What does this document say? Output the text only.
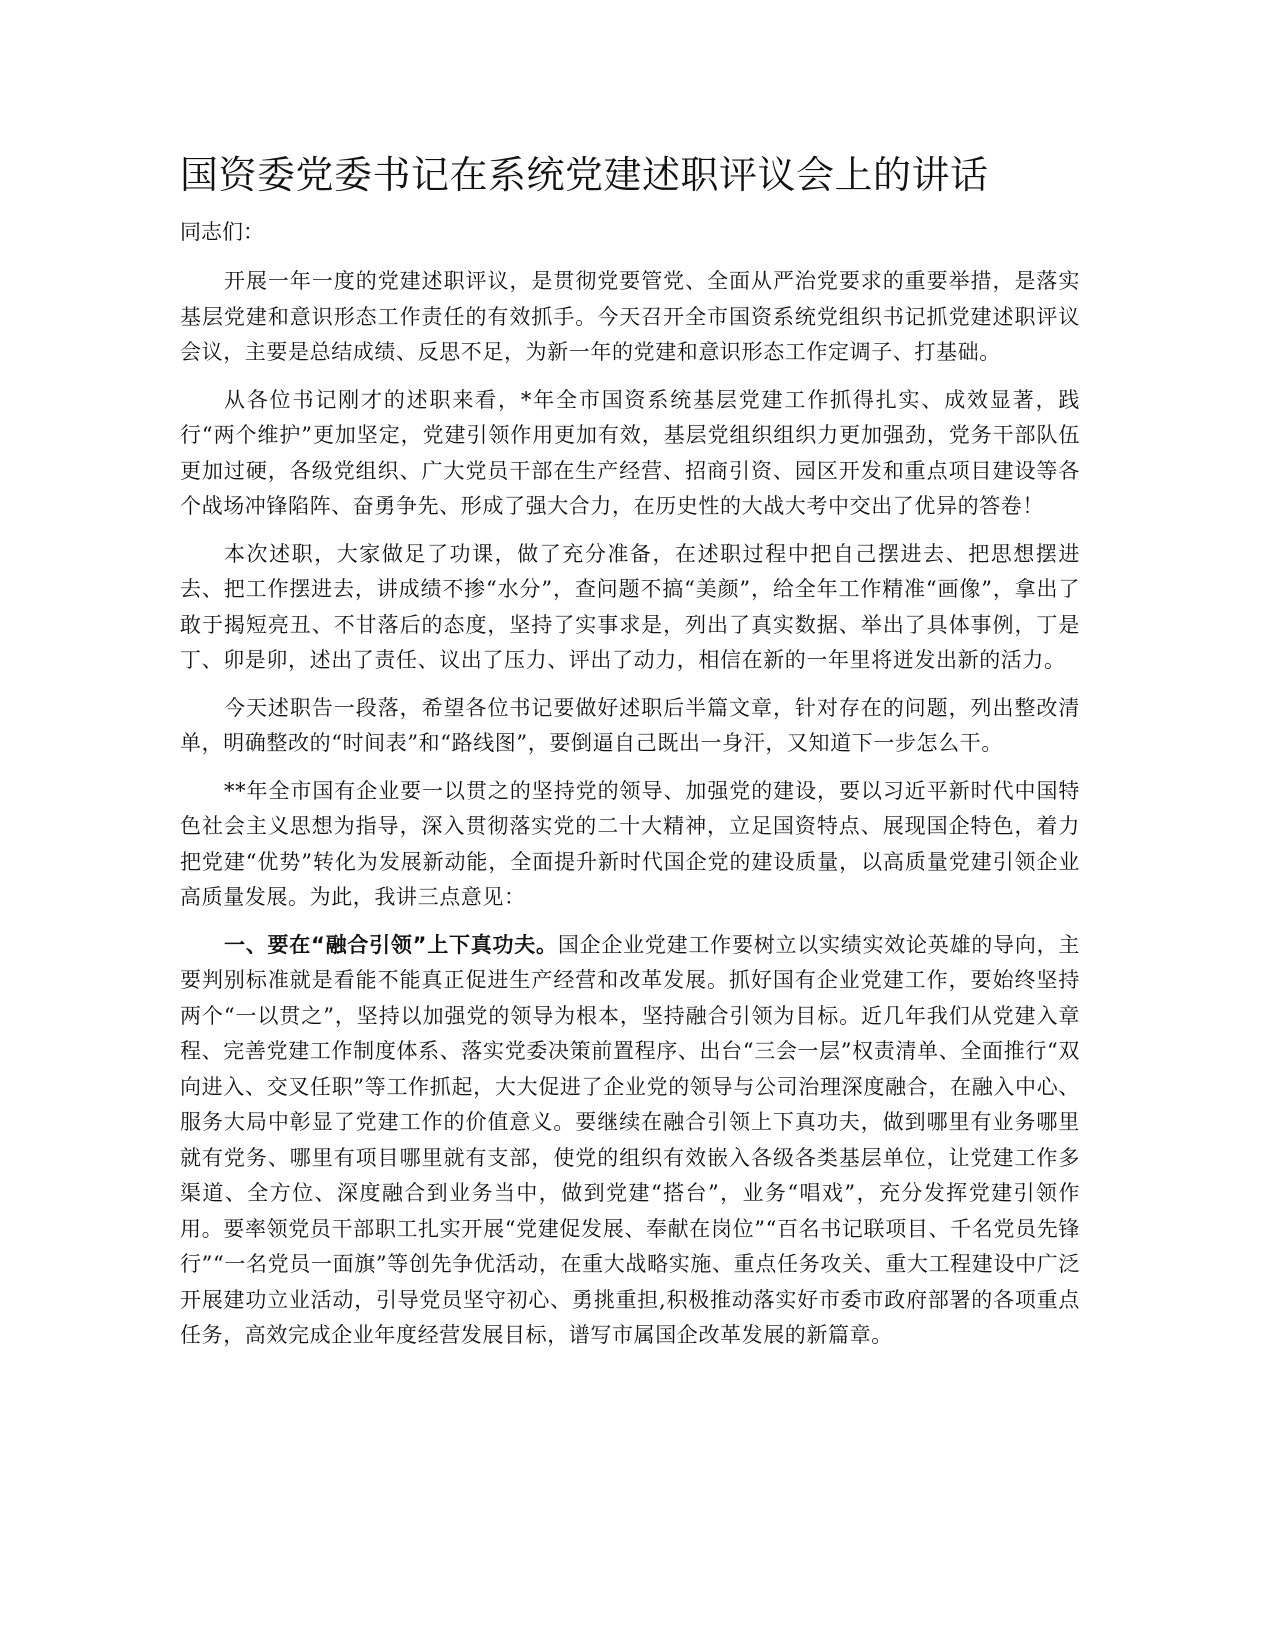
国资委党委书记在系统党建述职评议会上的讲话

同志们：

开展一年一度的党建述职评议，是贯彻党要管党、全面从严治党要求的重要举措，是落实基层党建和意识形态工作责任的有效抓手。今天召开全市国资系统党组织书记抓党建述职评议会议，主要是总结成绩、反思不足，为新一年的党建和意识形态工作定调子、打基础。

从各位书记刚才的述职来看，*年全市国资系统基层党建工作抓得扎实、成效显著，践行“两个维护”更加坚定，党建引领作用更加有效，基层党组织组织力更加强劲，党务干部队伍更加过硬，各级党组织、广大党员干部在生产经营、招商引资、园区开发和重点项目建设等各个战场冲锋陷阵、奋勇争先、形成了强大合力，在历史性的大战大考中交出了优异的答卷！

本次述职，大家做足了功课，做了充分准备，在述职过程中把自己摆进去、把思想摆进去、把工作摆进去，讲成绩不掺“水分”，查问题不搞“美颜”，给全年工作精准“画像”，拿出了敢于揭短亮丑、不甘落后的态度，坚持了实事求是，列出了真实数据、举出了具体事例，丁是丁、卯是卯，述出了责任、议出了压力、评出了动力，相信在新的一年里将迸发出新的活力。

今天述职告一段落，希望各位书记要做好述职后半篇文章，针对存在的问题，列出整改清单，明确整改的“时间表”和“路线图”，要倒逼自己既出一身汗，又知道下一步怎么干。

**年全市国有企业要一以贯之的坚持党的领导、加强党的建设，要以习近平新时代中国特色社会主义思想为指导，深入贯彻落实党的二十大精神，立足国资特点、展现国企特色，着力把党建“优势”转化为发展新动能，全面提升新时代国企党的建设质量，以高质量党建引领企业高质量发展。为此，我讲三点意见：

一、要在“融合引领”上下真功夫。国企企业党建工作要树立以实绩实效论英雄的导向，主要判别标准就是看能不能真正促进生产经营和改革发展。抓好国有企业党建工作，要始终坚持两个“一以贯之”，坚持以加强党的领导为根本，坚持融合引领为目标。近几年我们从党建入章程、完善党建工作制度体系、落实党委决策前置程序、出台“三会一层”权责清单、全面推行“双向进入、交叉任职”等工作抓起，大大促进了企业党的领导与公司治理深度融合，在融入中心、服务大局中彰显了党建工作的价值意义。要继续在融合引领上下真功夫，做到哪里有业务哪里就有党务、哪里有项目哪里就有支部，使党的组织有效嵌入各级各类基层单位，让党建工作多渠道、全方位、深度融合到业务当中，做到党建“搭台”，业务“唱戏”，充分发挥党建引领作用。要率领党员干部职工扎实开展“党建促发展、奉献在岗位”“百名书记联项目、千名党员先锋行”“一名党员一面旗”等创先争优活动，在重大战略实施、重点任务攻关、重大工程建设中广泛开展建功立业活动，引导党员坚守初心、勇挑重担,积极推动落实好市委市政府部署的各项重点任务，高效完成企业年度经营发展目标，谱写市属国企改革发展的新篇章。
